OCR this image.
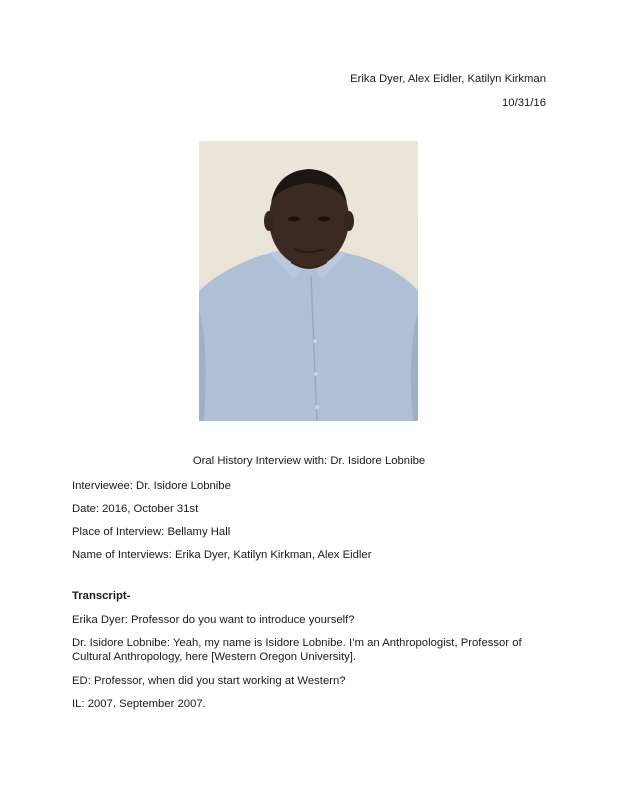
Erika Dyer, Alex Eidler, Katilyn Kirkman
10/31/16
Oral History Interview with: Dr. Isidore Lobnibe
Interviewee: Dr. Isidore Lobnibe
Date: 2016, October 31st
Place of Interview: Bellamy Hall
Name of Interviews: Erika Dyer, Katilyn Kirkman, Alex Eidler
Transcript-
Erika Dyer: Professor do you want to introduce yourself?
Dr. Isidore Lobnibe: Yeah, my name is Isidore Lobnibe. I’m an Anthropologist, Professor of
Cultural Anthropology, here [Western Oregon University].
ED: Professor, when did you start working at Western?
IL: 2007. September 2007.
